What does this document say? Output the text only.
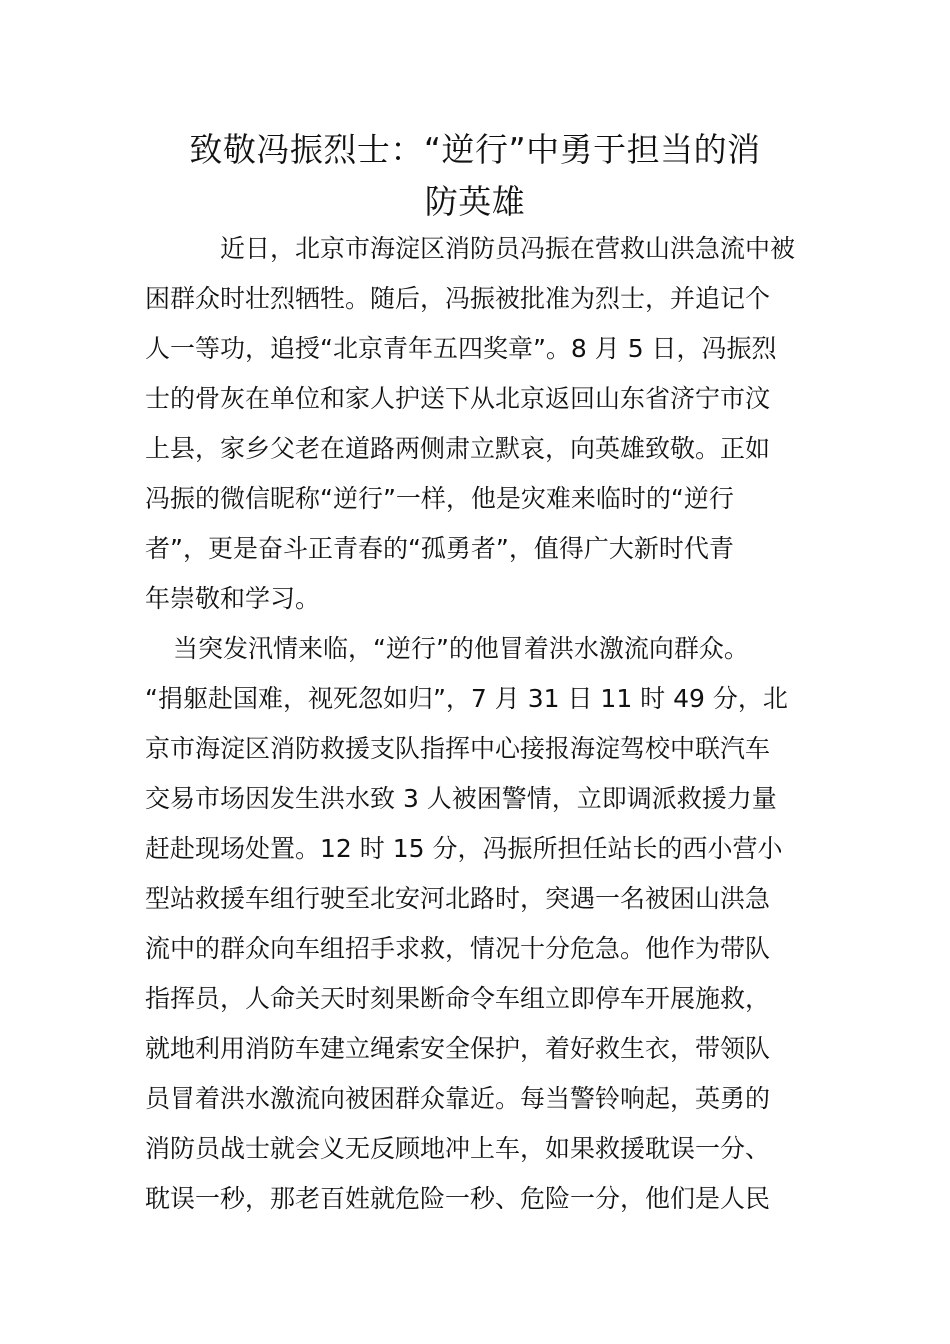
致敬冯振烈士：“逆行”中勇于担当的消
防英雄
近日，北京市海淀区消防员冯振在营救山洪急流中被
困群众时壮烈牺牲。随后，冯振被批准为烈士，并追记个
人一等功，追授“北京青年五四奖章”。8 月 5 日，冯振烈
士的骨灰在单位和家人护送下从北京返回山东省济宁市汶
上县，家乡父老在道路两侧肃立默哀，向英雄致敬。正如
冯振的微信昵称“逆行”一样，他是灾难来临时的“逆行
者”，更是奋斗正青春的“孤勇者”，值得广大新时代青
年崇敬和学习。
当突发汛情来临，“逆行”的他冒着洪水激流向群众。
“捐躯赴国难，视死忽如归”，7 月 31 日 11 时 49 分，北
京市海淀区消防救援支队指挥中心接报海淀驾校中联汽车
交易市场因发生洪水致 3 人被困警情，立即调派救援力量
赶赴现场处置。12 时 15 分，冯振所担任站长的西小营小
型站救援车组行驶至北安河北路时，突遇一名被困山洪急
流中的群众向车组招手求救，情况十分危急。他作为带队
指挥员，人命关天时刻果断命令车组立即停车开展施救，
就地利用消防车建立绳索安全保护，着好救生衣，带领队
员冒着洪水激流向被困群众靠近。每当警铃响起，英勇的
消防员战士就会义无反顾地冲上车，如果救援耽误一分、
耽误一秒，那老百姓就危险一秒、危险一分，他们是人民
